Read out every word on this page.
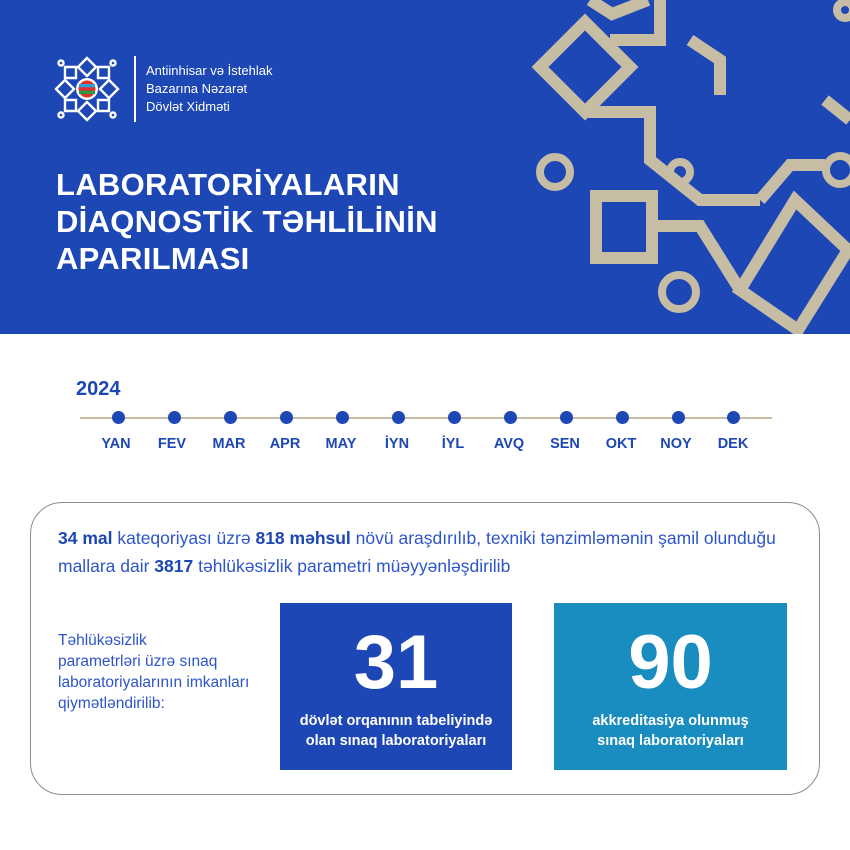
Antiinhisar və İstehlak
Bazarına Nəzarət
Dövlət Xidməti
LABORATORİYALARIN
DİAQNOSTİK TƏHLİLİNİN
APARILMASI
2024
YAN	FEV	MAR	APR	MAY	İYN	İYL	AVQ	SEN	OKT	NOY	DEK

34 mal kateqoriyası üzrə 818 məhsul növü araşdırılıb, texniki tənzimləmənin şamil olunduğu mallara dair 3817 təhlükəsizlik parametri müəyyənləşdirilib

Təhlükəsizlik
parametrləri üzrə sınaq
laboratoriyalarının imkanları
qiymətləndirilib:	31
dövlət orqanının tabeliyində
olan sınaq laboratoriyaları
90
akkreditasiya olunmuş
sınaq laboratoriyaları
